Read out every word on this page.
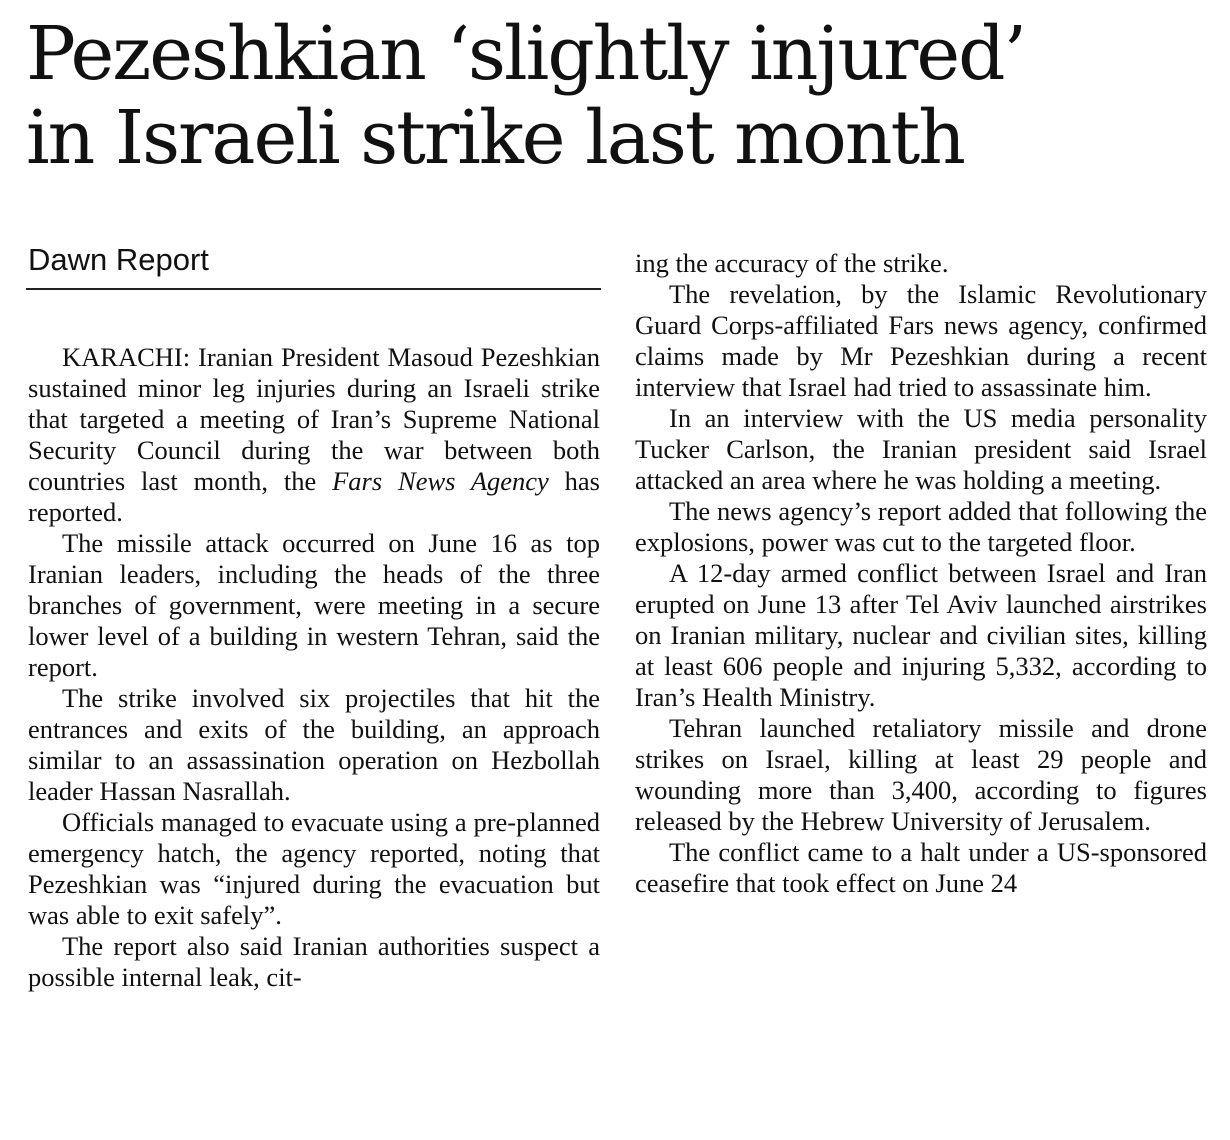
Pezeshkian ‘slightly injured’
in Israeli strike last month
Dawn Report

KARACHI: Iranian President Masoud Pezeshkian sustained minor leg injuries during an Israeli strike that targeted a meeting of Iran’s Supreme National Security Council during the war between both countries last month, the Fars News Agency has reported.

The missile attack occurred on June 16 as top Iranian leaders, including the heads of the three branches of government, were meeting in a secure lower level of a building in western Tehran, said the report.

The strike involved six projectiles that hit the entrances and exits of the building, an approach similar to an assassination operation on Hezbollah leader Hassan Nasrallah.

Officials managed to evacuate using a pre-planned emergency hatch, the agency reported, noting that Pezeshkian was “injured during the evacuation but was able to exit safely”.

The report also said Iranian authorities suspect a possible internal leak, cit-

ing the accuracy of the strike.

The revelation, by the Islamic Revolutionary Guard Corps-affiliated Fars news agency, confirmed claims made by Mr Pezeshkian during a recent interview that Israel had tried to assassinate him.

In an interview with the US media personality Tucker Carlson, the Iranian president said Israel attacked an area where he was holding a meeting.

The news agency’s report added that following the explosions, power was cut to the targeted floor.

A 12-day armed conflict between Israel and Iran erupted on June 13 after Tel Aviv launched airstrikes on Iranian military, nuclear and civilian sites, killing at least 606 people and injuring 5,332, according to Iran’s Health Ministry.

Tehran launched retaliatory missile and drone strikes on Israel, killing at least 29 people and wounding more than 3,400, according to figures released by the Hebrew University of Jerusalem.

The conflict came to a halt under a US-sponsored ceasefire that took effect on June 24
